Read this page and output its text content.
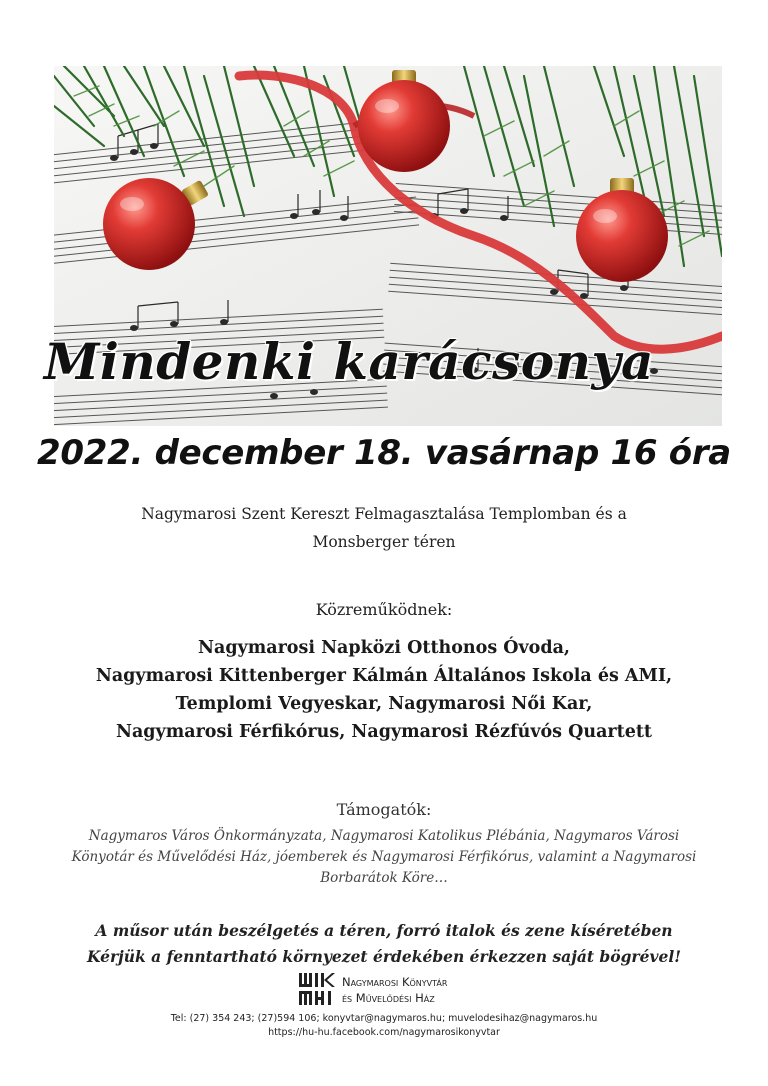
Mindenki karácsonya
2022. december 18. vasárnap 16 óra
Nagymarosi Szent Kereszt Felmagasztalása Templomban és a
Monsberger téren
Közreműködnek:
Nagymarosi Napközi Otthonos Óvoda,
Nagymarosi Kittenberger Kálmán Általános Iskola és AMI,
Templomi Vegyeskar, Nagymarosi Női Kar,
Nagymarosi Férfikórus, Nagymarosi Rézfúvós Quartett
Támogatók:
Nagymaros Város Önkormányzata, Nagymarosi Katolikus Plébánia, Nagymaros Városi
Könyotár és Művelődési Ház, jóemberek és Nagymarosi Férfikórus, valamint a Nagymarosi
Borbarátok Köre…
A műsor után beszélgetés a téren, forró italok és zene kíséretében
Kérjük a fenntartható környezet érdekében érkezzen saját bögrével!
Nagymarosi Könyvtár
és Művelődési Ház
Tel: (27) 354 243; (27)594 106; konyvtar@nagymaros.hu; muvelodesihaz@nagymaros.hu
https://hu-hu.facebook.com/nagymarosikonyvtar
